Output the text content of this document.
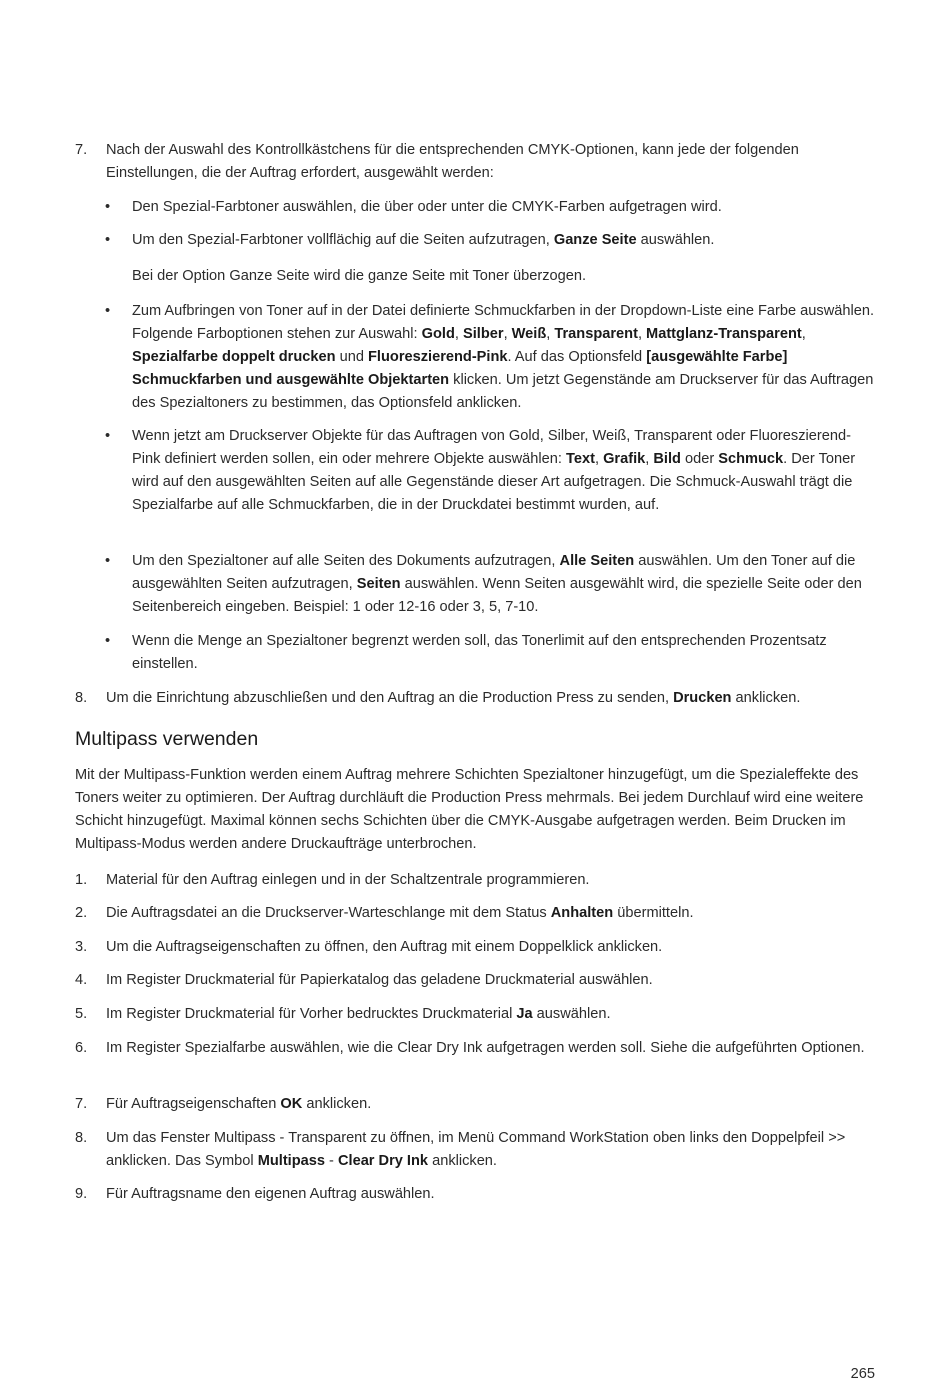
7.	Nach der Auswahl des Kontrollkästchens für die entsprechenden CMYK-Optionen, kann jede der folgenden Einstellungen, die der Auftrag erfordert, ausgewählt werden:
•	Den Spezial-Farbtoner auswählen, die über oder unter die CMYK-Farben aufgetragen wird.
•	Um den Spezial-Farbtoner vollflächig auf die Seiten aufzutragen, Ganze Seite auswählen.
Bei der Option Ganze Seite wird die ganze Seite mit Toner überzogen.
•	Zum Aufbringen von Toner auf in der Datei definierte Schmuckfarben in der Dropdown-Liste eine Farbe auswählen. Folgende Farboptionen stehen zur Auswahl: Gold, Silber, Weiß, Transparent, Mattglanz-Transparent, Spezialfarbe doppelt drucken und Fluoreszierend-Pink. Auf das Optionsfeld [ausgewählte Farbe] Schmuckfarben und ausgewählte Objektarten klicken. Um jetzt Gegenstände am Druckserver für das Auftragen des Spezialtoners zu bestimmen, das Optionsfeld anklicken.
•	Wenn jetzt am Druckserver Objekte für das Auftragen von Gold, Silber, Weiß, Transparent oder Fluoreszierend-Pink definiert werden sollen, ein oder mehrere Objekte auswählen: Text, Grafik, Bild oder Schmuck. Der Toner wird auf den ausgewählten Seiten auf alle Gegenstände dieser Art aufgetragen. Die Schmuck-Auswahl trägt die Spezialfarbe auf alle Schmuckfarben, die in der Druckdatei bestimmt wurden, auf.
•	Um den Spezialtoner auf alle Seiten des Dokuments aufzutragen, Alle Seiten auswählen. Um den Toner auf die ausgewählten Seiten aufzutragen, Seiten auswählen. Wenn Seiten ausgewählt wird, die spezielle Seite oder den Seitenbereich eingeben. Beispiel: 1 oder 12-16 oder 3, 5, 7-10.
•	Wenn die Menge an Spezialtoner begrenzt werden soll, das Tonerlimit auf den entsprechenden Prozentsatz einstellen.
8.	Um die Einrichtung abzuschließen und den Auftrag an die Production Press zu senden, Drucken anklicken.
Multipass verwenden
Mit der Multipass-Funktion werden einem Auftrag mehrere Schichten Spezialtoner hinzugefügt, um die Spezialeffekte des Toners weiter zu optimieren. Der Auftrag durchläuft die Production Press mehrmals. Bei jedem Durchlauf wird eine weitere Schicht hinzugefügt. Maximal können sechs Schichten über die CMYK-Ausgabe aufgetragen werden. Beim Drucken im Multipass-Modus werden andere Druckaufträge unterbrochen.
1.	Material für den Auftrag einlegen und in der Schaltzentrale programmieren.
2.	Die Auftragsdatei an die Druckserver-Warteschlange mit dem Status Anhalten übermitteln.
3.	Um die Auftragseigenschaften zu öffnen, den Auftrag mit einem Doppelklick anklicken.
4.	Im Register Druckmaterial für Papierkatalog das geladene Druckmaterial auswählen.
5.	Im Register Druckmaterial für Vorher bedrucktes Druckmaterial Ja auswählen.
6.	Im Register Spezialfarbe auswählen, wie die Clear Dry Ink aufgetragen werden soll. Siehe die aufgeführten Optionen.
7.	Für Auftragseigenschaften OK anklicken.
8.	Um das Fenster Multipass - Transparent zu öffnen, im Menü Command WorkStation oben links den Doppelpfeil >> anklicken. Das Symbol Multipass - Clear Dry Ink anklicken.
9.	Für Auftragsname den eigenen Auftrag auswählen.
265
